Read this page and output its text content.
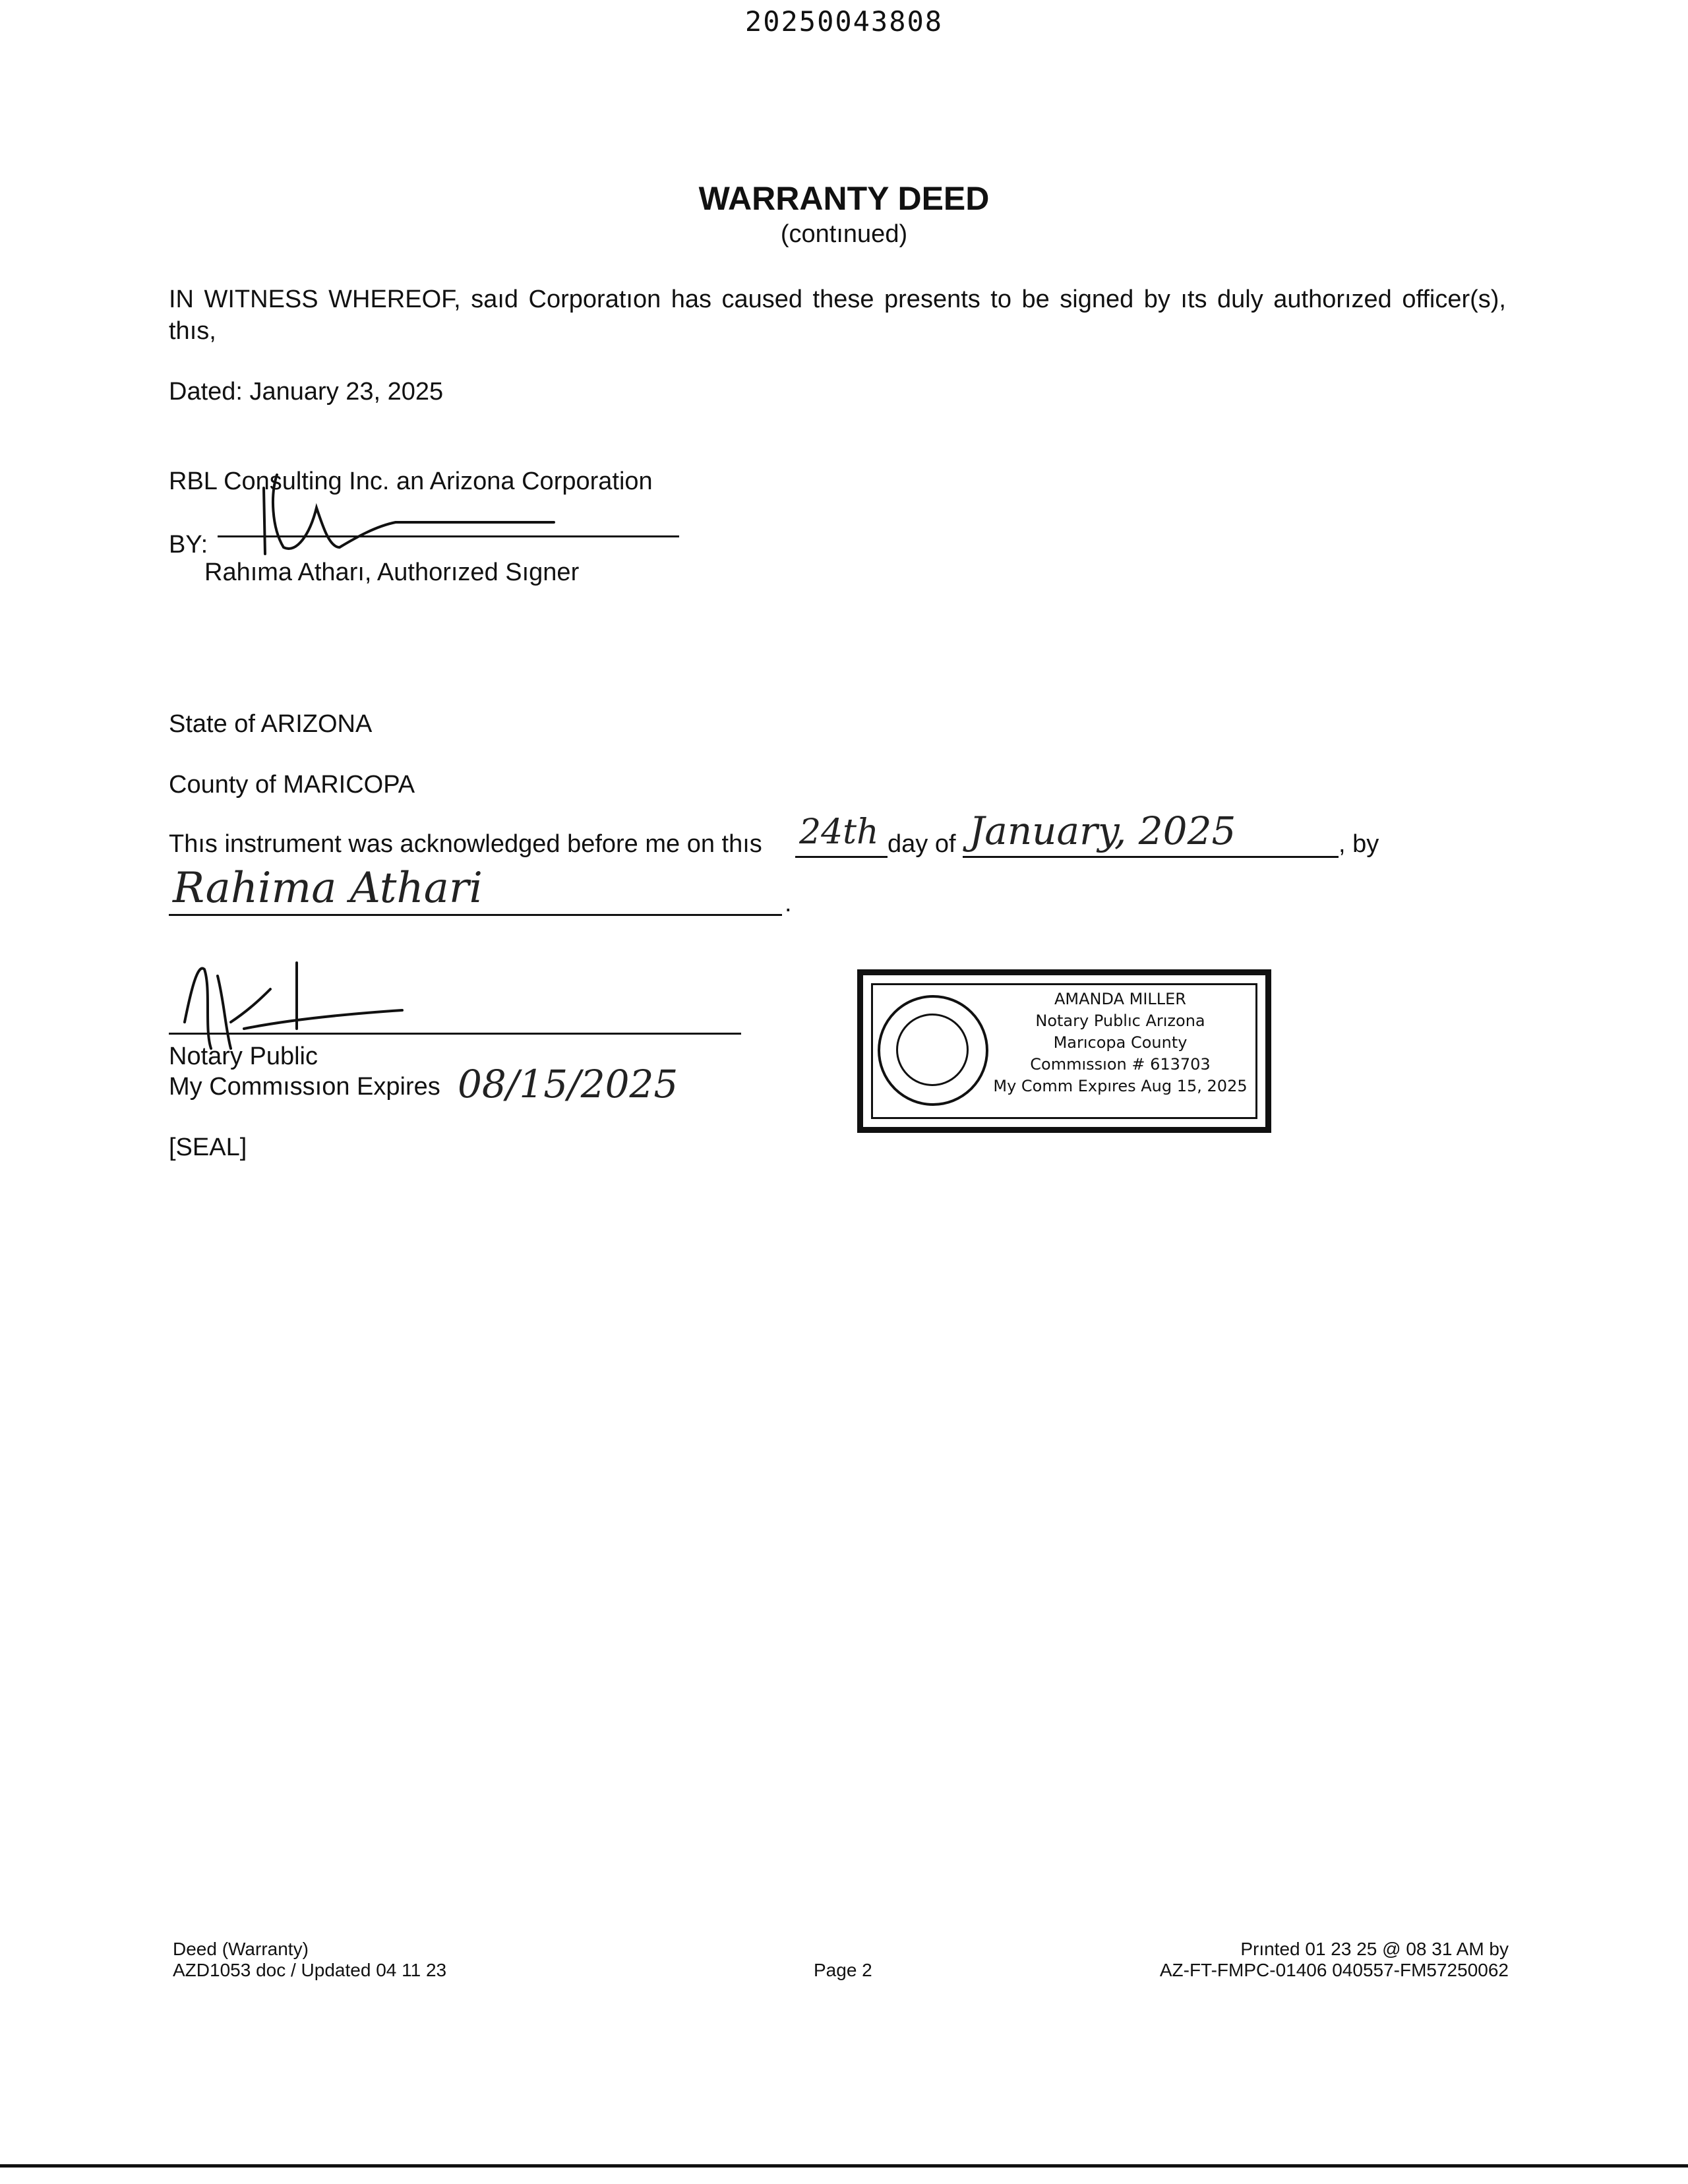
20250043808
WARRANTY DEED
(contınued)
IN WITNESS WHEREOF, saıd Corporatıon has caused these presents to be signed by ıts duly authorızed officer(s), thıs,
Dated: January 23, 2025
RBL Consulting Inc. an Arizona Corporation
BY:
Rahıma Atharı, Authorızed Sıgner
State of ARIZONA
County of MARICOPA
Thıs instrument was acknowledged before me on thıs 24th day of January, 2025	, by
Rahima Athari	.
Notary Public
My Commıssıon Expires 08/15/2025
[SEAL]
AMANDA MILLER
Notary Publıc Arızona
Marıcopa County
Commıssıon # 613703
My Comm Expıres Aug 15, 2025
Deed (Warranty)
AZD1053 doc / Updated 04 11 23	Page 2
Prınted 01 23 25 @ 08 31 AM by
AZ-FT-FMPC-01406 040557-FM57250062
